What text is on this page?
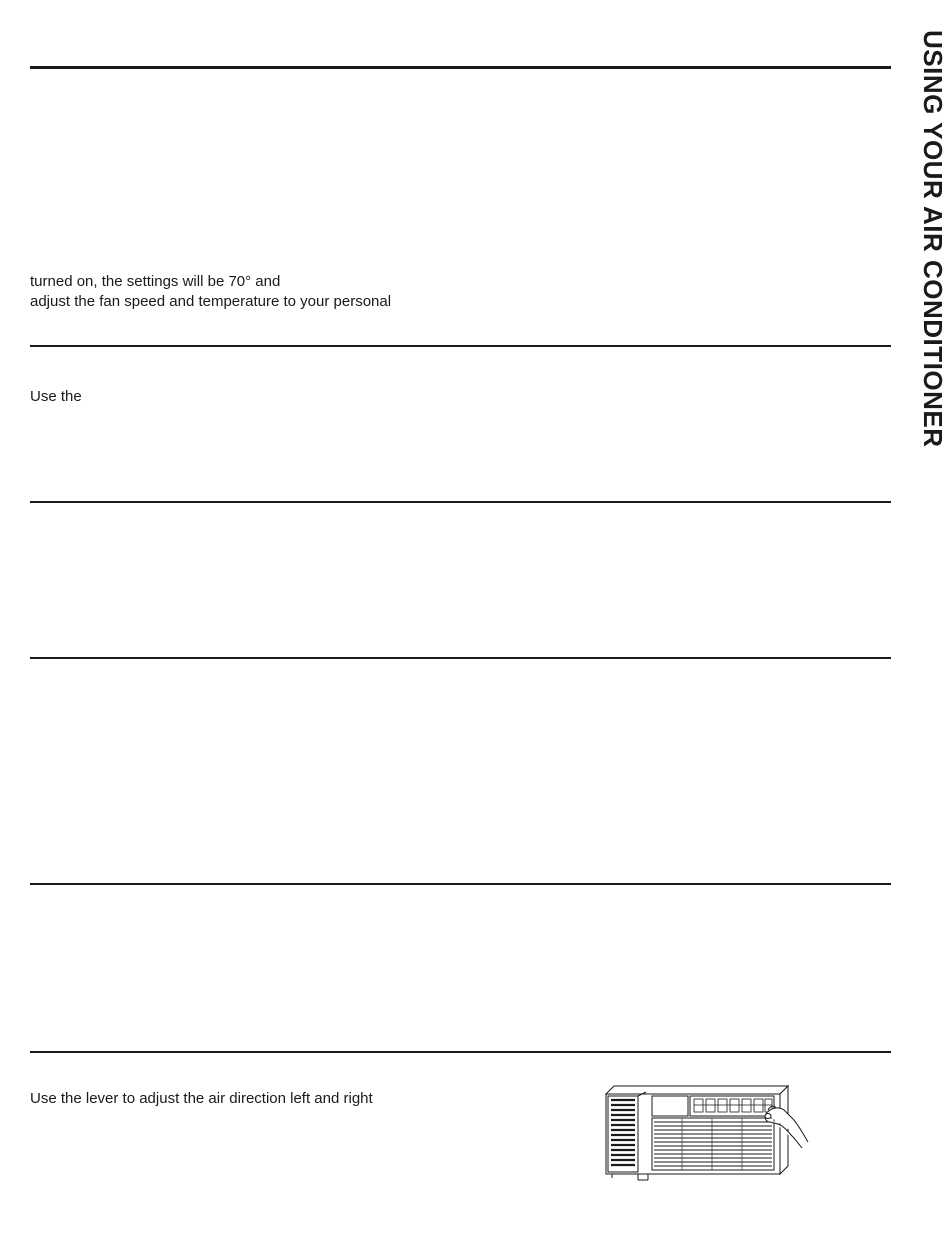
turned on, the settings will be 70° and
adjust the fan speed and temperature to your personal
Use the
Use the lever to adjust the air direction left and right
USING YOUR AIR CONDITIONER
